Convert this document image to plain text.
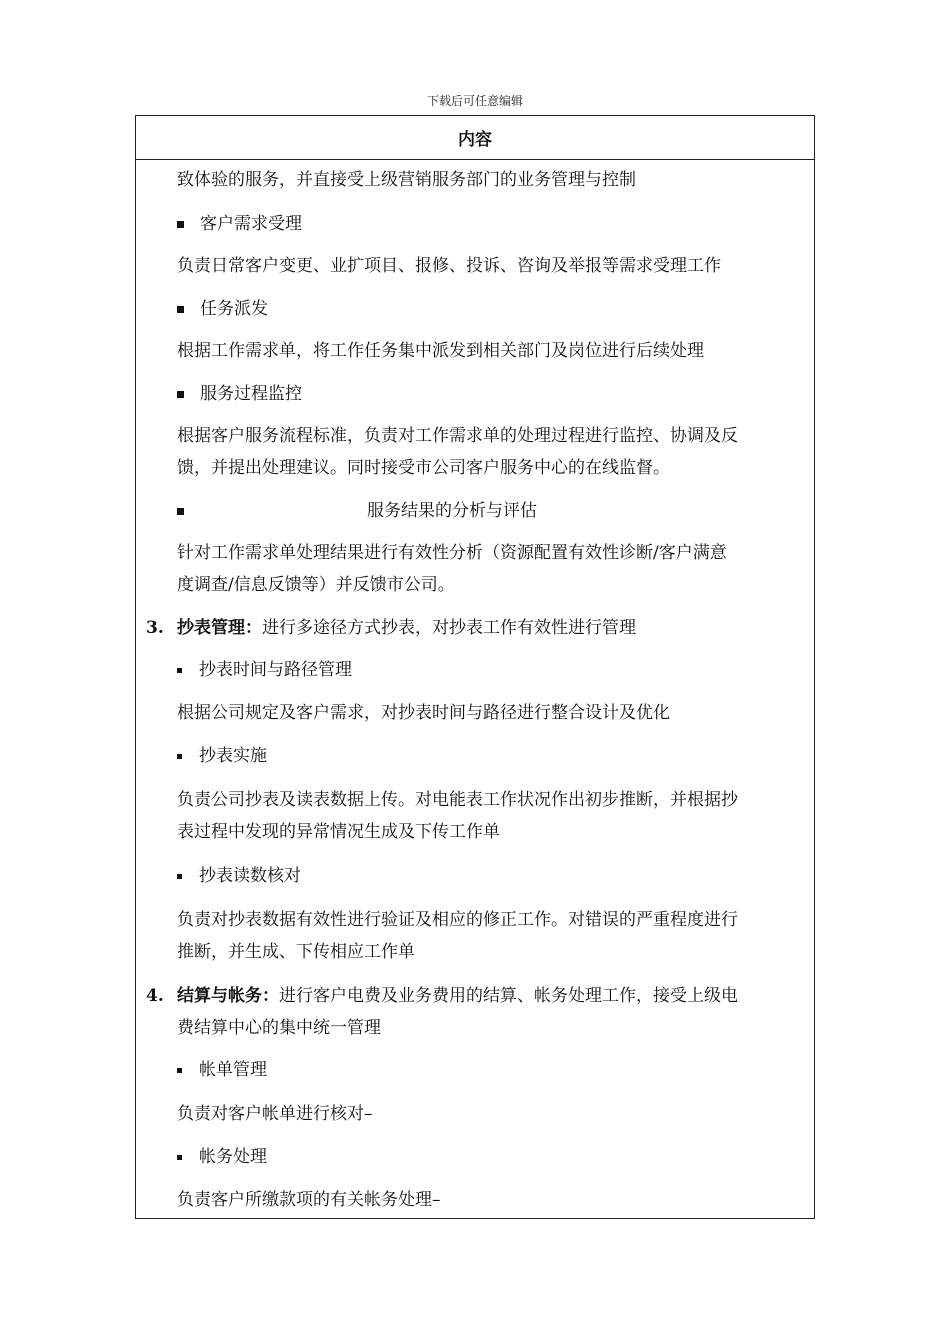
下载后可任意编辑
内容
致体验的服务，并直接受上级营销服务部门的业务管理与控制
客户需求受理
负责日常客户变更、业扩项目、报修、投诉、咨询及举报等需求受理工作
任务派发
根据工作需求单，将工作任务集中派发到相关部门及岗位进行后续处理
服务过程监控
根据客户服务流程标准，负责对工作需求单的处理过程进行监控、协调及反
馈，并提出处理建议。同时接受市公司客户服务中心的在线监督。
服务结果的分析与评估
针对工作需求单处理结果进行有效性分析（资源配置有效性诊断/客户满意
度调查/信息反馈等）并反馈市公司。
3. 抄表管理：进行多途径方式抄表，对抄表工作有效性进行管理
抄表时间与路径管理
根据公司规定及客户需求，对抄表时间与路径进行整合设计及优化
抄表实施
负责公司抄表及读表数据上传。对电能表工作状况作出初步推断，并根据抄
表过程中发现的异常情况生成及下传工作单
抄表读数核对
负责对抄表数据有效性进行验证及相应的修正工作。对错误的严重程度进行
推断，并生成、下传相应工作单
4. 结算与帐务：进行客户电费及业务费用的结算、帐务处理工作，接受上级电
费结算中心的集中统一管理
帐单管理
负责对客户帐单进行核对–
帐务处理
负责客户所缴款项的有关帐务处理–
